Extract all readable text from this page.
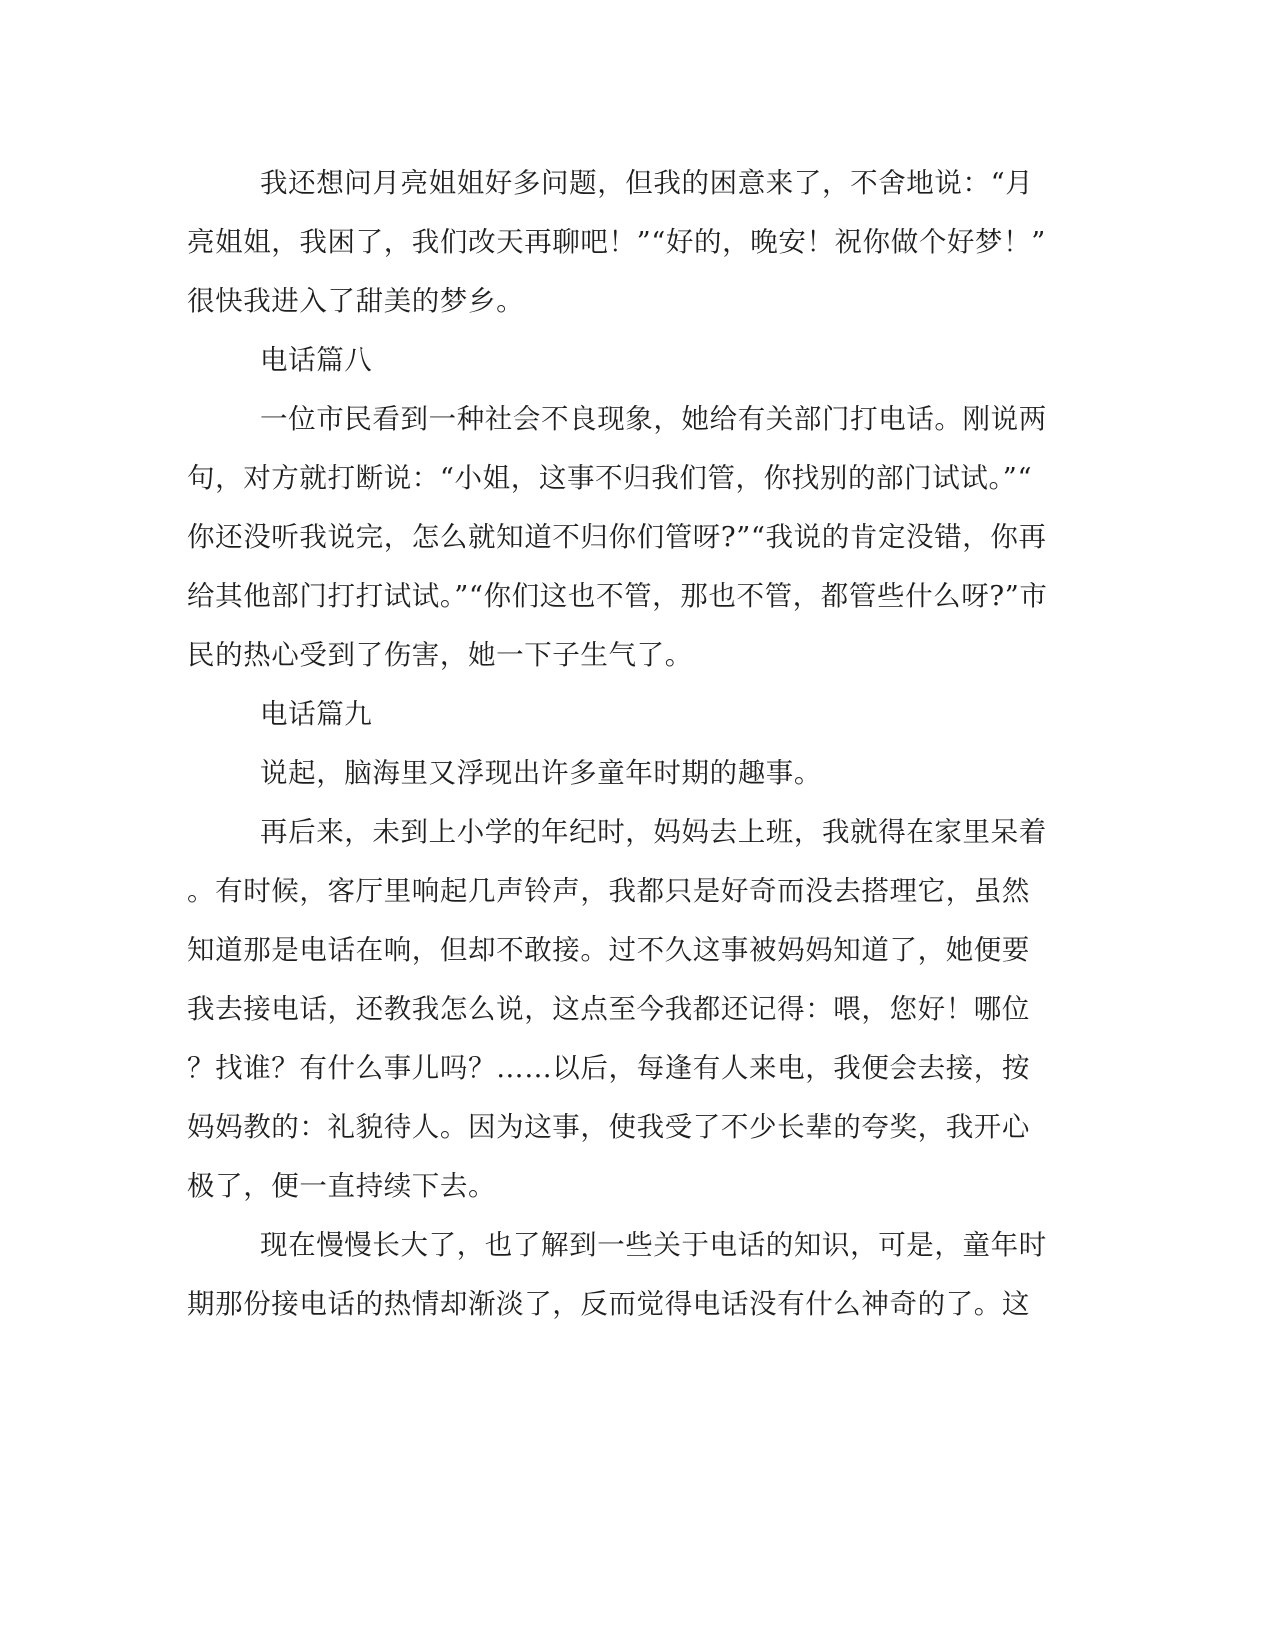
我还想问月亮姐姐好多问题，但我的困意来了，不舍地说：“月

亮姐姐，我困了，我们改天再聊吧！”“好的，晚安！祝你做个好梦！”

很快我进入了甜美的梦乡。

电话篇八

一位市民看到一种社会不良现象，她给有关部门打电话。刚说两

句，对方就打断说：“小姐，这事不归我们管，你找别的部门试试。”“

你还没听我说完，怎么就知道不归你们管呀?”“我说的肯定没错，你再

给其他部门打打试试。”“你们这也不管，那也不管，都管些什么呀?”市

民的热心受到了伤害，她一下子生气了。

电话篇九

说起，脑海里又浮现出许多童年时期的趣事。

再后来，未到上小学的年纪时，妈妈去上班，我就得在家里呆着

。有时候，客厅里响起几声铃声，我都只是好奇而没去搭理它，虽然

知道那是电话在响，但却不敢接。过不久这事被妈妈知道了，她便要

我去接电话，还教我怎么说，这点至今我都还记得：喂，您好！哪位

？找谁？有什么事儿吗？……以后，每逢有人来电，我便会去接，按

妈妈教的：礼貌待人。因为这事，使我受了不少长辈的夸奖，我开心

极了，便一直持续下去。

现在慢慢长大了，也了解到一些关于电话的知识，可是，童年时

期那份接电话的热情却渐淡了，反而觉得电话没有什么神奇的了。这
